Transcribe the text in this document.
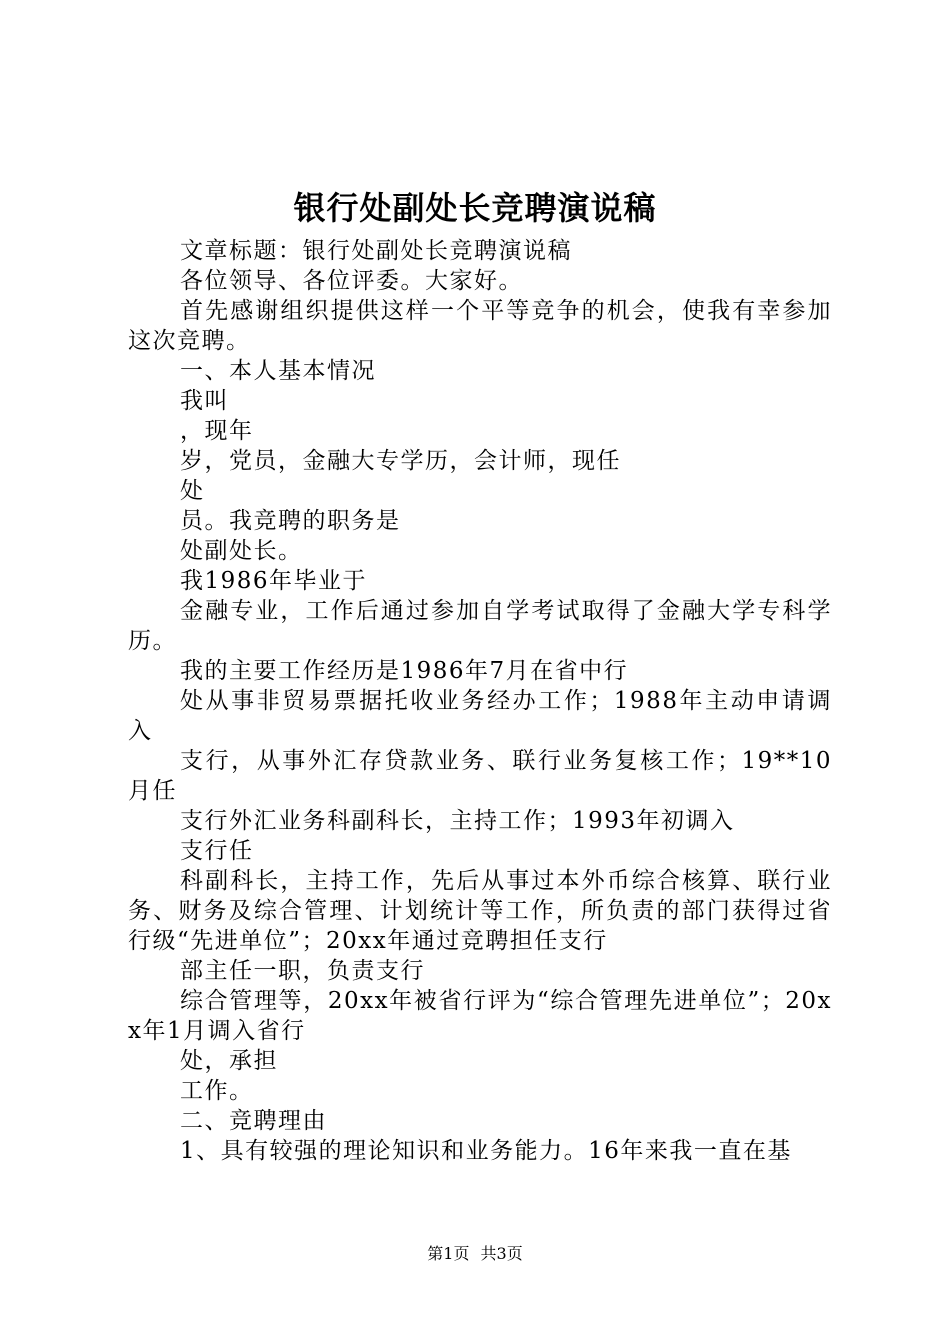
银行处副处长竞聘演说稿

文章标题：银行处副处长竞聘演说稿

各位领导、各位评委。大家好。

首先感谢组织提供这样一个平等竞争的机会，使我有幸参加这次竞聘。

一、本人基本情况

我叫

，现年

岁，党员，金融大专学历，会计师，现任

处

员。我竞聘的职务是

处副处长。

我1986年毕业于

金融专业，工作后通过参加自学考试取得了金融大学专科学历。

我的主要工作经历是1986年7月在省中行

处从事非贸易票据托收业务经办工作；1988年主动申请调入

支行，从事外汇存贷款业务、联行业务复核工作；19**10月任

支行外汇业务科副科长，主持工作；1993年初调入

支行任

科副科长，主持工作，先后从事过本外币综合核算、联行业务、财务及综合管理、计划统计等工作，所负责的部门获得过省行级“先进单位”；20xx年通过竞聘担任支行

部主任一职，负责支行

综合管理等，20xx年被省行评为“综合管理先进单位”；20xx年1月调入省行

处，承担

工作。

二、竞聘理由

1、具有较强的理论知识和业务能力。16年来我一直在基

第1页 共3页
